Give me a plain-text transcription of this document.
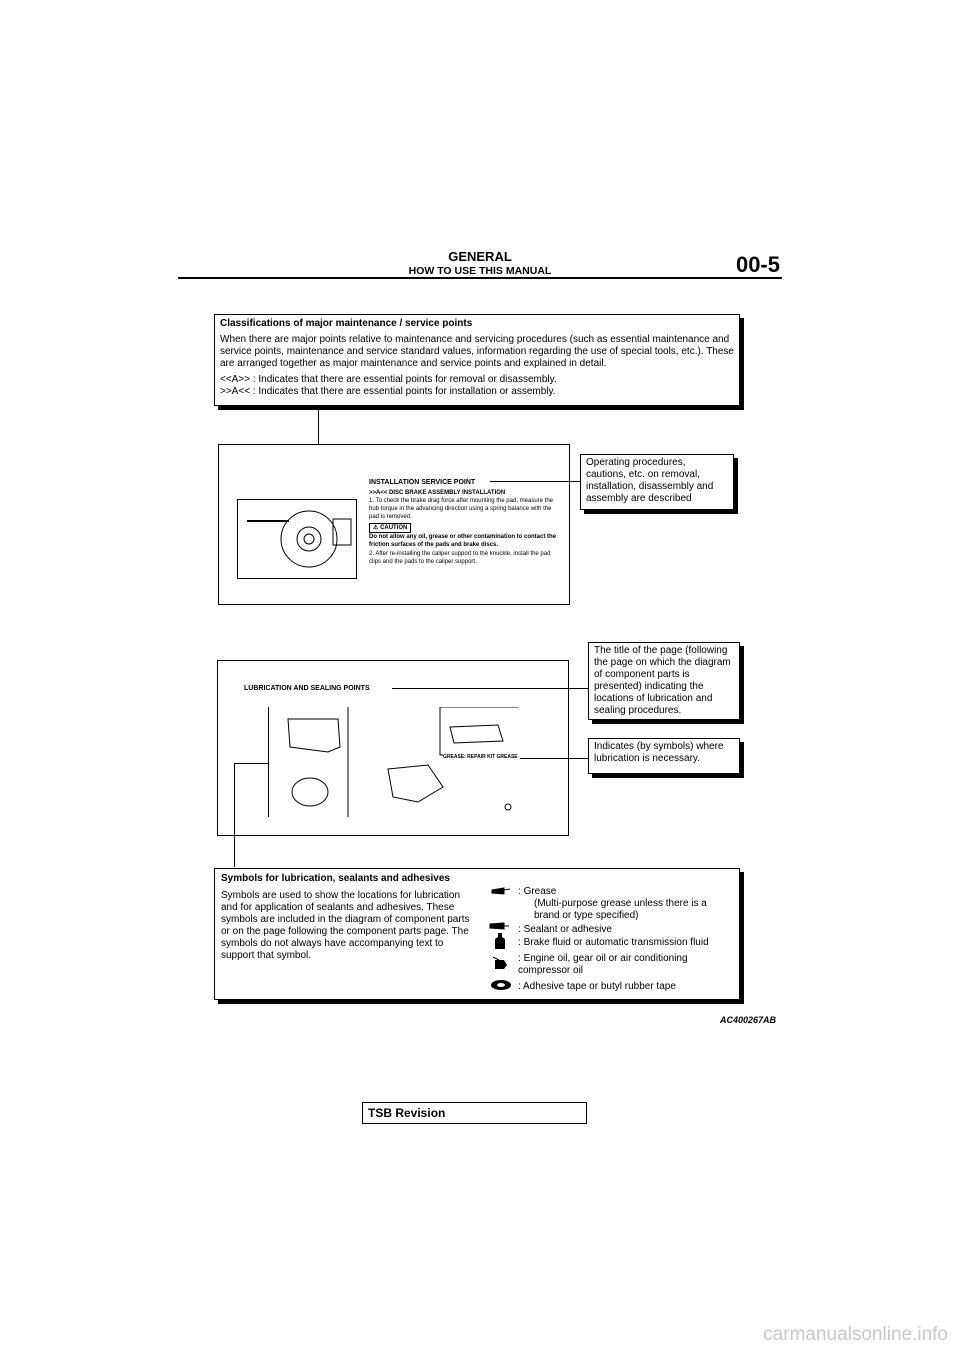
GENERAL
HOW TO USE THIS MANUAL	00-5

Classifications of major maintenance / service points

When there are major points relative to maintenance and servicing procedures (such as essential maintenance and service points, maintenance and service standard values, information regarding the use of special tools, etc.). These are arranged together as major maintenance and service points and explained in detail.

<<A>> : Indicates that there are essential points for removal or disassembly.

>>A<< : Indicates that there are essential points for installation or assembly.

INSTALLATION SERVICE POINT
>>A<< DISC BRAKE ASSEMBLY INSTALLATION
1. To check the brake drag force after mounting the pad, measure the hub torque in the advancing direction using a spring balance with the pad is removed.
⚠ CAUTION
Do not allow any oil, grease or other contamination to contact the friction surfaces of the pads and brake discs.
2. After re-installing the caliper support to the knuckle, install the pad clips and the pads to the caliper support.

Operating procedures, cautions, etc. on removal, installation, disassembly and assembly are described

LUBRICATION AND SEALING POINTS
GREASE: REPAIR KIT GREASE

The title of the page (following the page on which the diagram of component parts is presented) indicating the locations of lubrication and sealing procedures.

Indicates (by symbols) where lubrication is necessary.

Symbols for lubrication, sealants and adhesives

Symbols are used to show the locations for lubrication and for application of sealants and adhesives. These symbols are included in the diagram of component parts or on the page following the component parts page. The symbols do not always have accompanying text to support that symbol.

: Grease
(Multi-purpose grease unless there is a brand or type specified)
: Sealant or adhesive
: Brake fluid or automatic transmission fluid
: Engine oil, gear oil or air conditioning compressor oil
: Adhesive tape or butyl rubber tape
AC400267AB
TSB Revision
carmanualsonline.info
